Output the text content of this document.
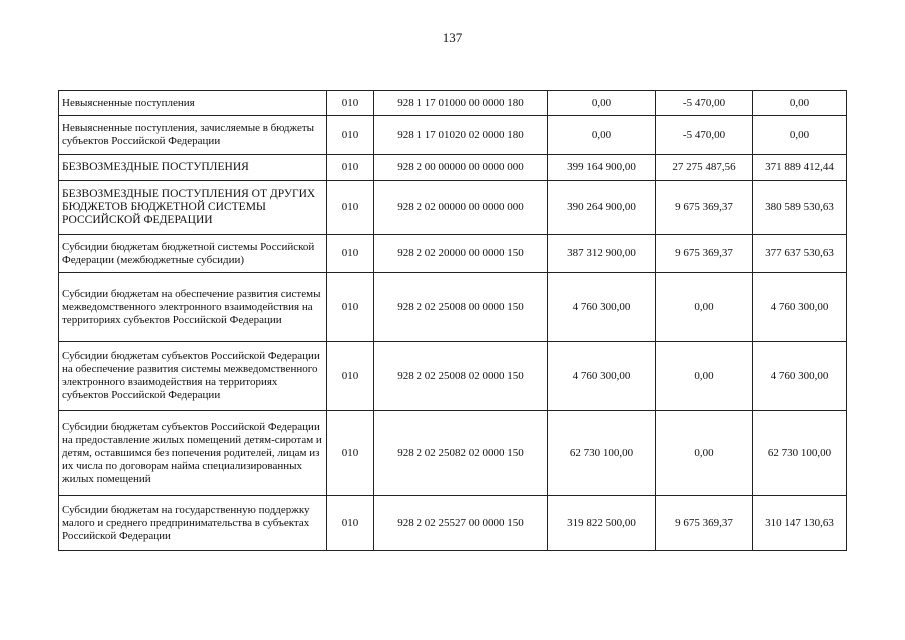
137
Невыясненные поступления	010	928 1 17 01000 00 0000 180	0,00	-5 470,00	0,00
Невыясненные поступления, зачисляемые в бюджеты субъектов Российской Федерации	010	928 1 17 01020 02 0000 180	0,00	-5 470,00	0,00
БЕЗВОЗМЕЗДНЫЕ ПОСТУПЛЕНИЯ	010	928 2 00 00000 00 0000 000	399 164 900,00	27 275 487,56	371 889 412,44
БЕЗВОЗМЕЗДНЫЕ ПОСТУПЛЕНИЯ ОТ ДРУГИХ БЮДЖЕТОВ БЮДЖЕТНОЙ СИСТЕМЫ РОССИЙСКОЙ ФЕДЕРАЦИИ	010	928 2 02 00000 00 0000 000	390 264 900,00	9 675 369,37	380 589 530,63
Субсидии бюджетам бюджетной системы Российской Федерации (межбюджетные субсидии)	010	928 2 02 20000 00 0000 150	387 312 900,00	9 675 369,37	377 637 530,63
Субсидии бюджетам на обеспечение развития системы межведомственного электронного взаимодействия на территориях субъектов Российской Федерации	010	928 2 02 25008 00 0000 150	4 760 300,00	0,00	4 760 300,00
Субсидии бюджетам субъектов Российской Федерации на обеспечение развития системы межведомственного электронного взаимодействия на территориях субъектов Российской Федерации	010	928 2 02 25008 02 0000 150	4 760 300,00	0,00	4 760 300,00
Субсидии бюджетам субъектов Российской Федерации на предоставление жилых помещений детям-сиротам и детям, оставшимся без попечения родителей, лицам из их числа по договорам найма специализированных жилых помещений	010	928 2 02 25082 02 0000 150	62 730 100,00	0,00	62 730 100,00
Субсидии бюджетам на государственную поддержку малого и среднего предпринимательства в субъектах Российской Федерации	010	928 2 02 25527 00 0000 150	319 822 500,00	9 675 369,37	310 147 130,63
